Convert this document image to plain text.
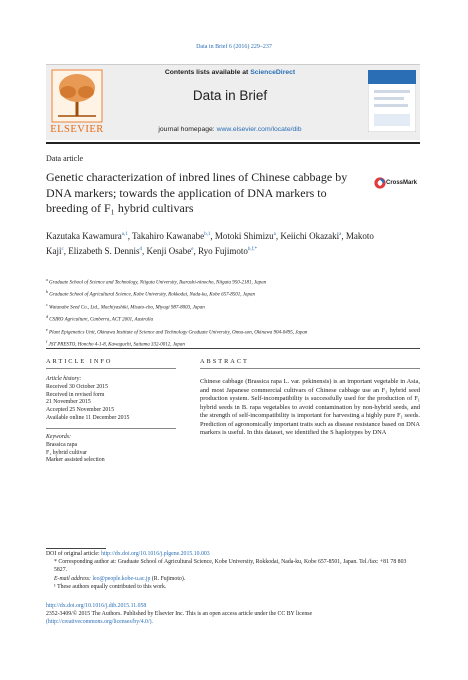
Data in Brief 6 (2016) 229–237
ELSEVIER
Contents lists available at ScienceDirect
Data in Brief
journal homepage: www.elsevier.com/locate/dib
Data article
Genetic characterization of inbred lines of Chinese cabbage by DNA markers; towards the application of DNA markers to breeding of F₁ hybrid cultivars
CrossMark
Kazutaka Kawamura$^{a,1}$, Takahiro Kawanabe$^{b,1}$, Motoki Shimizu$^a$, Keiichi Okazaki$^a$, Makoto Kaji$^c$, Elizabeth S. Dennis$^d$, Kenji Osabe$^e$, Ryo Fujimoto$^{b,f,*}$
$^a$ Graduate School of Science and Technology, Niigata University, Ikarashi-ninocho, Niigata 950-2181, Japan
$^b$ Graduate School of Agricultural Science, Kobe University, Rokkodai, Nada-ku, Kobe 657-8501, Japan
$^c$ Watanabe Seed Co., Ltd., Machiyashiki, Misato-cho, Miyagi 987-8003, Japan
$^d$ CSIRO Agriculture, Canberra, ACT 2601, Australia
$^e$ Plant Epigenetics Unit, Okinawa Institute of Science and Technology Graduate University, Onna-son, Okinawa 904-0495, Japan
$^f$ JST PRESTO, Honcho 4-1-8, Kawaguchi, Saitama 332-0012, Japan
ARTICLE INFO
Article history:
Received 30 October 2015
Received in revised form
21 November 2015
Accepted 25 November 2015
Available online 11 December 2015
Keywords:
Brassica rapa
F₁ hybrid cultivar
Marker assisted selection
ABSTRACT
Chinese cabbage (Brassica rapa L. var. pekinensis) is an important vegetable in Asia, and most Japanese commercial cultivars of Chinese cabbage use an F₁ hybrid seed production system. Self-incompatibility is successfully used for the production of F₁ hybrid seeds in B. rapa vegetables to avoid contamination by non-hybrid seeds, and the strength of self-incompatibility is important for harvesting a highly pure F₁ seeds. Prediction of agronomically important traits such as disease resistance based on DNA markers is useful. In this dataset, we identified the S haplotypes by DNA
DOI of original article: http://dx.doi.org/10.1016/j.plgene.2015.10.003
* Corresponding author at: Graduate School of Agricultural Science, Kobe University, Rokkodai, Nada-ku, Kobe 657-8501, Japan. Tel./fax: +81 78 803 5827.
E-mail address: leo@people.kobe-u.ac.jp (R. Fujimoto).
¹ These authors equally contributed to this work.
http://dx.doi.org/10.1016/j.dib.2015.11.058
2352-3409/© 2015 The Authors. Published by Elsevier Inc. This is an open access article under the CC BY license
(http://creativecommons.org/licenses/by/4.0/).
